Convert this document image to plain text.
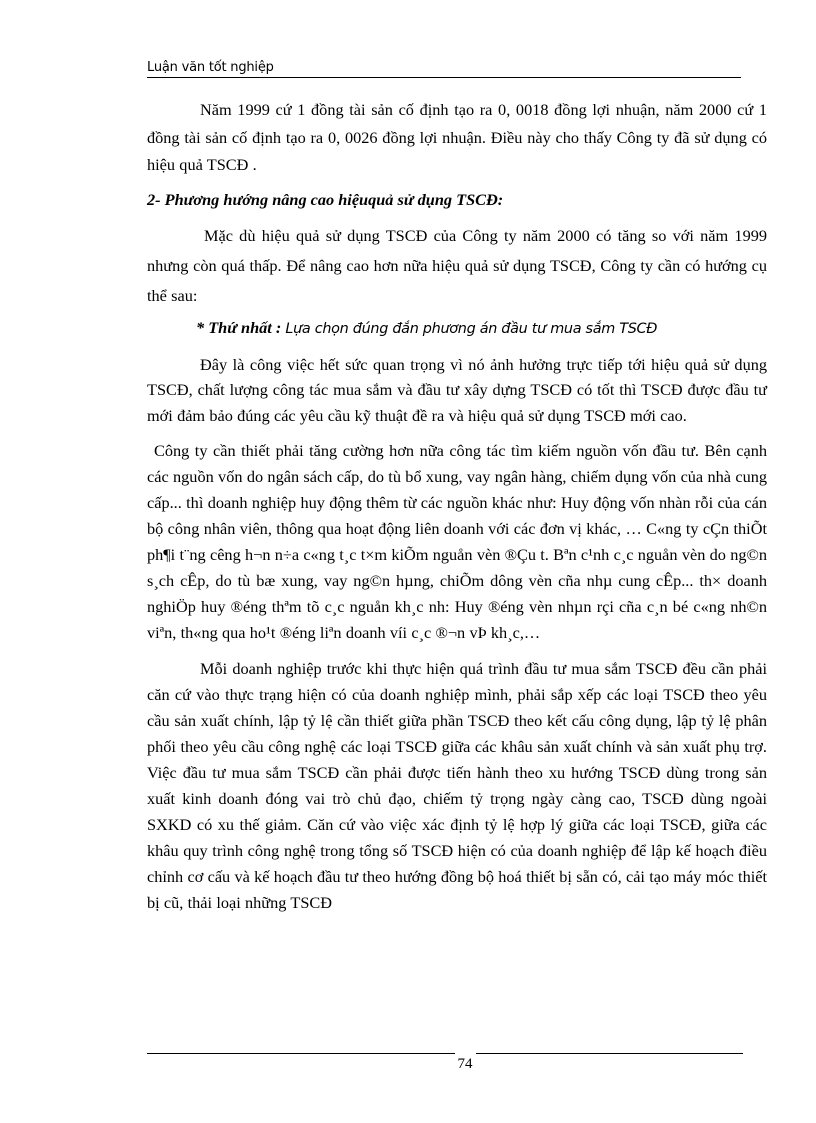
Luận văn tốt nghiệp

Năm 1999 cứ 1 đồng tài sản cố định tạo ra 0, 0018 đồng lợi nhuận, năm 2000 cứ 1 đồng tài sản cố định tạo ra 0, 0026 đồng lợi nhuận. Điều này cho thấy Công ty đã sử dụng có hiệu quả TSCĐ .

2- Phương hướng nâng cao hiệuquả sử dụng TSCĐ:

Mặc dù hiệu quả sử dụng TSCĐ của Công ty năm 2000 có tăng so với năm 1999 nhưng còn quá thấp. Để nâng cao hơn nữa hiệu quả sử dụng TSCĐ, Công ty cần có hướng cụ thể sau:

* Thứ nhất : Lựa chọn đúng đắn phương án đầu tư mua sắm TSCĐ

Đây là công việc hết sức quan trọng vì nó ảnh hưởng trực tiếp tới hiệu quả sử dụng TSCĐ, chất lượng công tác mua sắm và đầu tư xây dựng TSCĐ có tốt thì TSCĐ được đầu tư mới đảm bảo đúng các yêu cầu kỹ thuật đề ra và hiệu quả sử dụng TSCĐ mới cao.

Công ty cần thiết phải tăng cường hơn nữa công tác tìm kiếm nguồn vốn đầu tư. Bên cạnh các nguồn vốn do ngân sách cấp, do tù bổ xung, vay ngân hàng, chiếm dụng vốn của nhà cung cấp... thì doanh nghiệp huy động thêm từ các nguồn khác như: Huy động vốn nhàn rỗi của cán bộ công nhân viên, thông qua hoạt động liên doanh với các đơn vị khác, … C«ng ty cÇn thiÕt ph¶i t¨ng cêng h¬n n÷a c«ng t¸c t×m kiÕm nguån vèn ®Çu t. Bªn c¹nh c¸c nguån vèn do ng©n s¸ch cÊp, do tù bæ xung, vay ng©n hµng, chiÕm dông vèn cña nhµ cung cÊp... th× doanh nghiÖp huy ®éng thªm tõ c¸c nguån kh¸c nh: Huy ®éng vèn nhµn rçi cña c¸n bé c«ng nh©n viªn, th«ng qua ho¹t ®éng liªn doanh víi c¸c ®¬n vÞ kh¸c,…

Mỗi doanh nghiệp trước khi thực hiện quá trình đầu tư mua sắm TSCĐ đều cần phải căn cứ vào thực trạng hiện có của doanh nghiệp mình, phải sắp xếp các loại TSCĐ theo yêu cầu sản xuất chính, lập tỷ lệ cần thiết giữa phần TSCĐ theo kết cấu công dụng, lập tỷ lệ phân phối theo yêu cầu công nghệ các loại TSCĐ giữa các khâu sản xuất chính và sản xuất phụ trợ. Việc đầu tư mua sắm TSCĐ cần phải được tiến hành theo xu hướng TSCĐ dùng trong sản xuất kinh doanh đóng vai trò chủ đạo, chiếm tỷ trọng ngày càng cao, TSCĐ dùng ngoài SXKD có xu thế giảm. Căn cứ vào việc xác định tỷ lệ hợp lý giữa các loại TSCĐ, giữa các khâu quy trình công nghệ trong tổng số TSCĐ hiện có của doanh nghiệp để lập kế hoạch điều chỉnh cơ cấu và kế hoạch đầu tư theo hướng đồng bộ hoá thiết bị sẵn có, cải tạo máy móc thiết bị cũ, thải loại những TSCĐ

74
